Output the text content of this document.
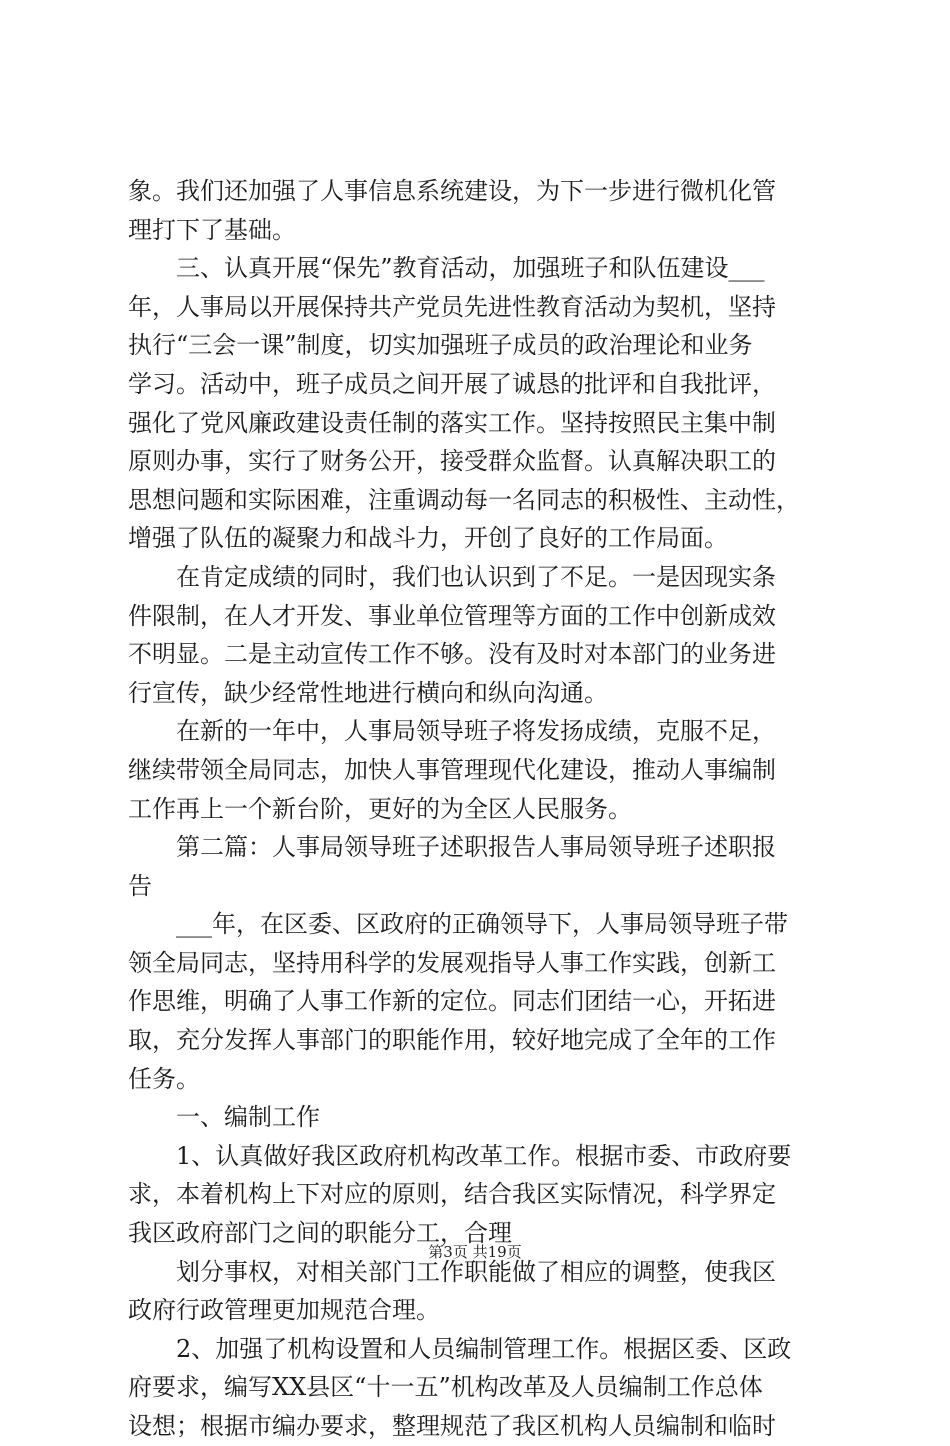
象。我们还加强了人事信息系统建设，为下一步进行微机化管
理打下了基础。
　　三、认真开展“保先”教育活动，加强班子和队伍建设___
年，人事局以开展保持共产党员先进性教育活动为契机，坚持
执行“三会一课”制度，切实加强班子成员的政治理论和业务
学习。活动中，班子成员之间开展了诚恳的批评和自我批评，
强化了党风廉政建设责任制的落实工作。坚持按照民主集中制
原则办事，实行了财务公开，接受群众监督。认真解决职工的
思想问题和实际困难，注重调动每一名同志的积极性、主动性，
增强了队伍的凝聚力和战斗力，开创了良好的工作局面。
　　在肯定成绩的同时，我们也认识到了不足。一是因现实条
件限制，在人才开发、事业单位管理等方面的工作中创新成效
不明显。二是主动宣传工作不够。没有及时对本部门的业务进
行宣传，缺少经常性地进行横向和纵向沟通。
　　在新的一年中，人事局领导班子将发扬成绩，克服不足，
继续带领全局同志，加快人事管理现代化建设，推动人事编制
工作再上一个新台阶，更好的为全区人民服务。
　　第二篇：人事局领导班子述职报告人事局领导班子述职报
告
　　___年，在区委、区政府的正确领导下，人事局领导班子带
领全局同志，坚持用科学的发展观指导人事工作实践，创新工
作思维，明确了人事工作新的定位。同志们团结一心，开拓进
取，充分发挥人事部门的职能作用，较好地完成了全年的工作
任务。
　　一、编制工作
　　1、认真做好我区政府机构改革工作。根据市委、市政府要
求，本着机构上下对应的原则，结合我区实际情况，科学界定
我区政府部门之间的职能分工，合理
　　划分事权，对相关部门工作职能做了相应的调整，使我区
政府行政管理更加规范合理。
　　2、加强了机构设置和人员编制管理工作。根据区委、区政
府要求，编写XX县区“十一五”机构改革及人员编制工作总体
设想；根据市编办要求，整理规范了我区机构人员编制和临时
第3页 共19页
